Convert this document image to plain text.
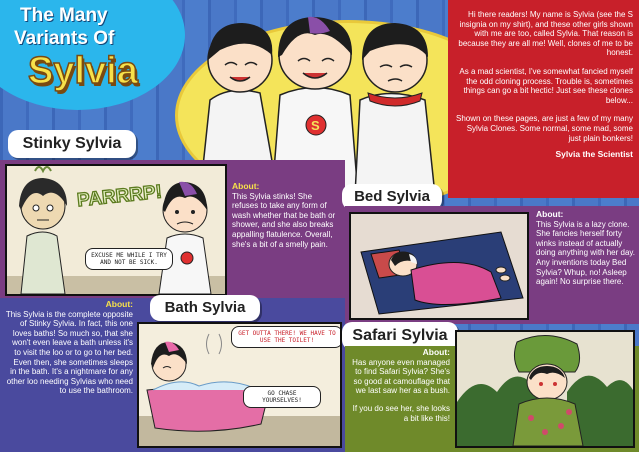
S
The Many
Variants Of
Sylvia
Hi there readers! My name is Sylvia (see the S insignia on my shirt), and these other girls shown with me are too, called Sylvia. That reason is because they are all me! Well, clones of me to be honest.
As a mad scientist, I've somewhat fancied myself the odd cloning process. Trouble is, sometimes things can go a bit hectic! Just see these clones below...
Shown on these pages, are just a few of my many Sylvia Clones. Some normal, some mad, some just plain bonkers!
Sylvia the Scientist
Stinky Sylvia
PARRRP!
EXCUSE ME WHILE I TRY AND NOT BE SICK.
About:
This Sylvia stinks! She refuses to take any form of wash whether that be bath or shower, and she also breaks appalling flatulence. Overall, she's a bit of a smelly pain.
Bed Sylvia
About:
This Sylvia is a lazy clone. She fancies herself forty winks instead of actually doing anything with her day. Any inventions today Bed Sylvia? Whup, no! Asleep again! No surprise there.
About:
This Sylvia is the complete opposite of Stinky Sylvia. In fact, this one loves baths! So much so, that she won't even leave a bath unless it's to visit the loo or to go to her bed. Even then, she sometimes sleeps in the bath. It's a nightmare for any other loo needing Sylvias who need to use the bathroom.
Bath Sylvia
GET OUTTA THERE! WE HAVE TO USE THE TOILET!
GO CHASE YOURSELVES!
Safari Sylvia
About:
Has anyone even managed to find Safari Sylvia? She's so good at camouflage that we last saw her as a bush.
If you do see her, she looks a bit like this!
